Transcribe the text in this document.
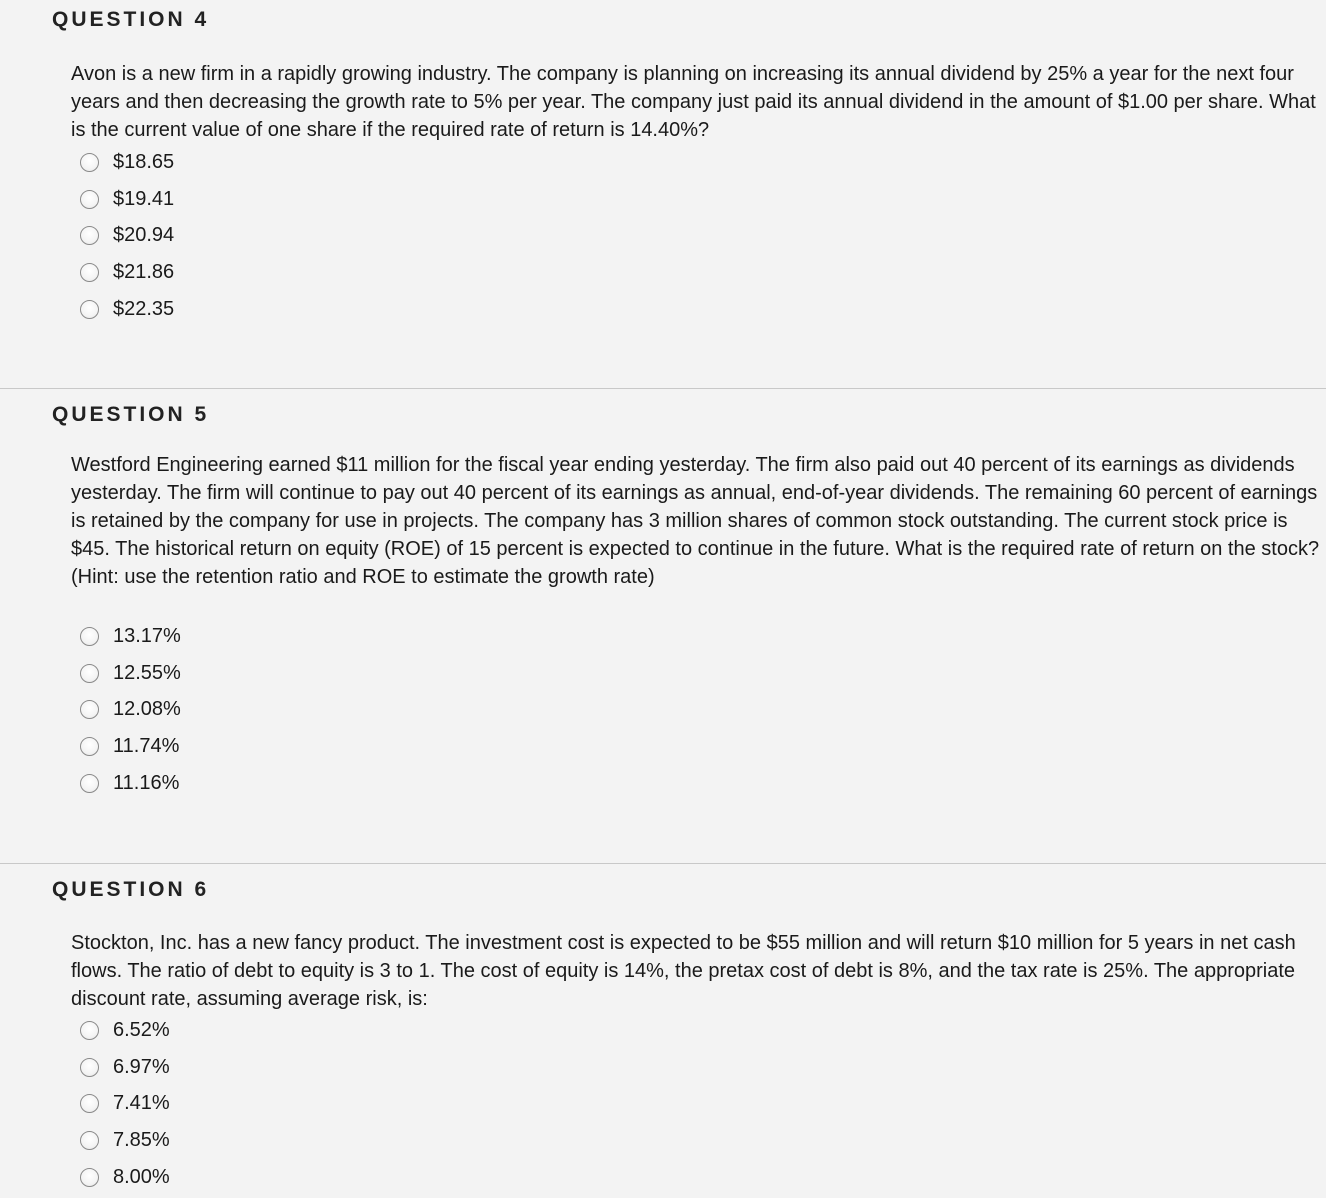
QUESTION 4

Avon is a new firm in a rapidly growing industry. The company is planning on increasing its annual dividend by 25% a year for the next four years and then decreasing the growth rate to 5% per year. The company just paid its annual dividend in the amount of $1.00 per share. What is the current value of one share if the required rate of return is 14.40%?

$18.65
$19.41
$20.94
$21.86
$22.35
QUESTION 5

Westford Engineering earned $11 million for the fiscal year ending yesterday. The firm also paid out 40 percent of its earnings as dividends yesterday. The firm will continue to pay out 40 percent of its earnings as annual, end-of-year dividends. The remaining 60 percent of earnings is retained by the company for use in projects. The company has 3 million shares of common stock outstanding. The current stock price is $45. The historical return on equity (ROE) of 15 percent is expected to continue in the future. What is the required rate of return on the stock? (Hint: use the retention ratio and ROE to estimate the growth rate)

13.17%
12.55%
12.08%
11.74%
11.16%
QUESTION 6

Stockton, Inc. has a new fancy product. The investment cost is expected to be $55 million and will return $10 million for 5 years in net cash flows. The ratio of debt to equity is 3 to 1. The cost of equity is 14%, the pretax cost of debt is 8%, and the tax rate is 25%. The appropriate discount rate, assuming average risk, is:

6.52%
6.97%
7.41%
7.85%
8.00%
